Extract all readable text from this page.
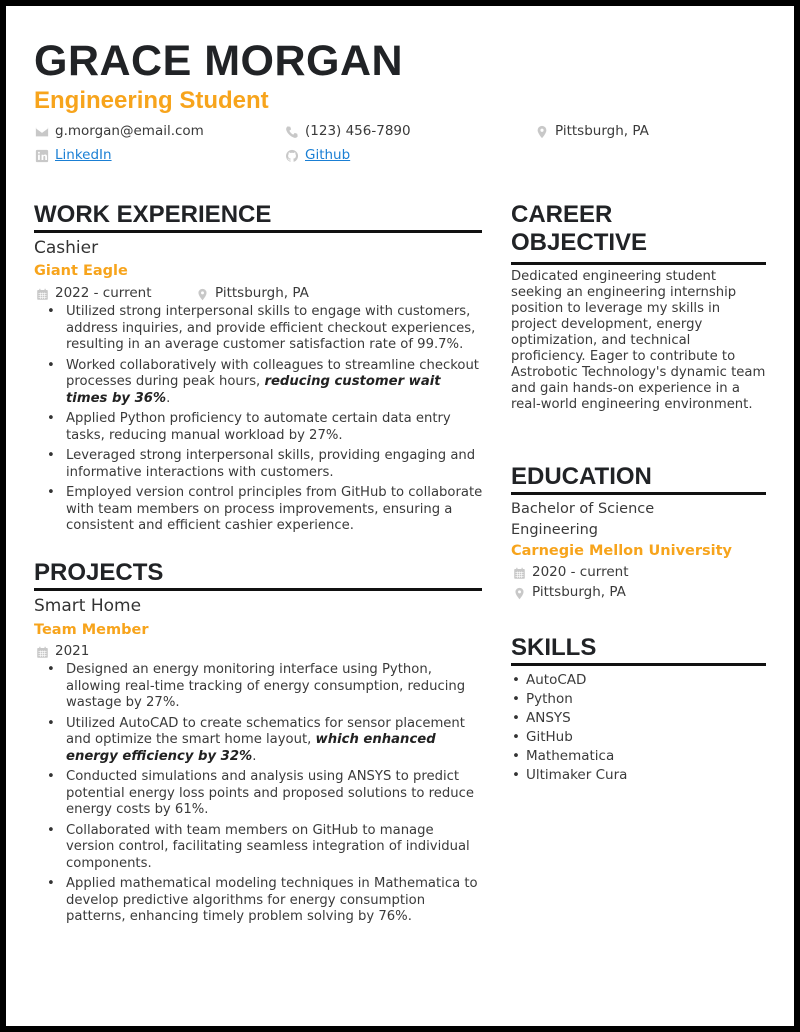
GRACE MORGAN
Engineering Student
g.morgan@email.com	(123) 456-7890	Pittsburgh, PA
LinkedIn	Github
WORK EXPERIENCE
Cashier
Giant Eagle
2022 - current	Pittsburgh, PA
• Utilized strong interpersonal skills to engage with customers, address inquiries, and provide efficient checkout experiences, resulting in an average customer satisfaction rate of 99.7%.
• Worked collaboratively with colleagues to streamline checkout processes during peak hours, reducing customer wait times by 36%.
• Applied Python proficiency to automate certain data entry tasks, reducing manual workload by 27%.
• Leveraged strong interpersonal skills, providing engaging and informative interactions with customers.
• Employed version control principles from GitHub to collaborate with team members on process improvements, ensuring a consistent and efficient cashier experience.
PROJECTS
Smart Home
Team Member
2021
• Designed an energy monitoring interface using Python, allowing real-time tracking of energy consumption, reducing wastage by 27%.
• Utilized AutoCAD to create schematics for sensor placement and optimize the smart home layout, which enhanced energy efficiency by 32%.
• Conducted simulations and analysis using ANSYS to predict potential energy loss points and proposed solutions to reduce energy costs by 61%.
• Collaborated with team members on GitHub to manage version control, facilitating seamless integration of individual components.
• Applied mathematical modeling techniques in Mathematica to develop predictive algorithms for energy consumption patterns, enhancing timely problem solving by 76%.
CAREER
OBJECTIVE
Dedicated engineering student seeking an engineering internship position to leverage my skills in project development, energy optimization, and technical proficiency. Eager to contribute to Astrobotic Technology's dynamic team and gain hands-on experience in a real-world engineering environment.
EDUCATION
Bachelor of Science
Engineering
Carnegie Mellon University
2020 - current
Pittsburgh, PA
SKILLS
• AutoCAD
• Python
• ANSYS
• GitHub
• Mathematica
• Ultimaker Cura
